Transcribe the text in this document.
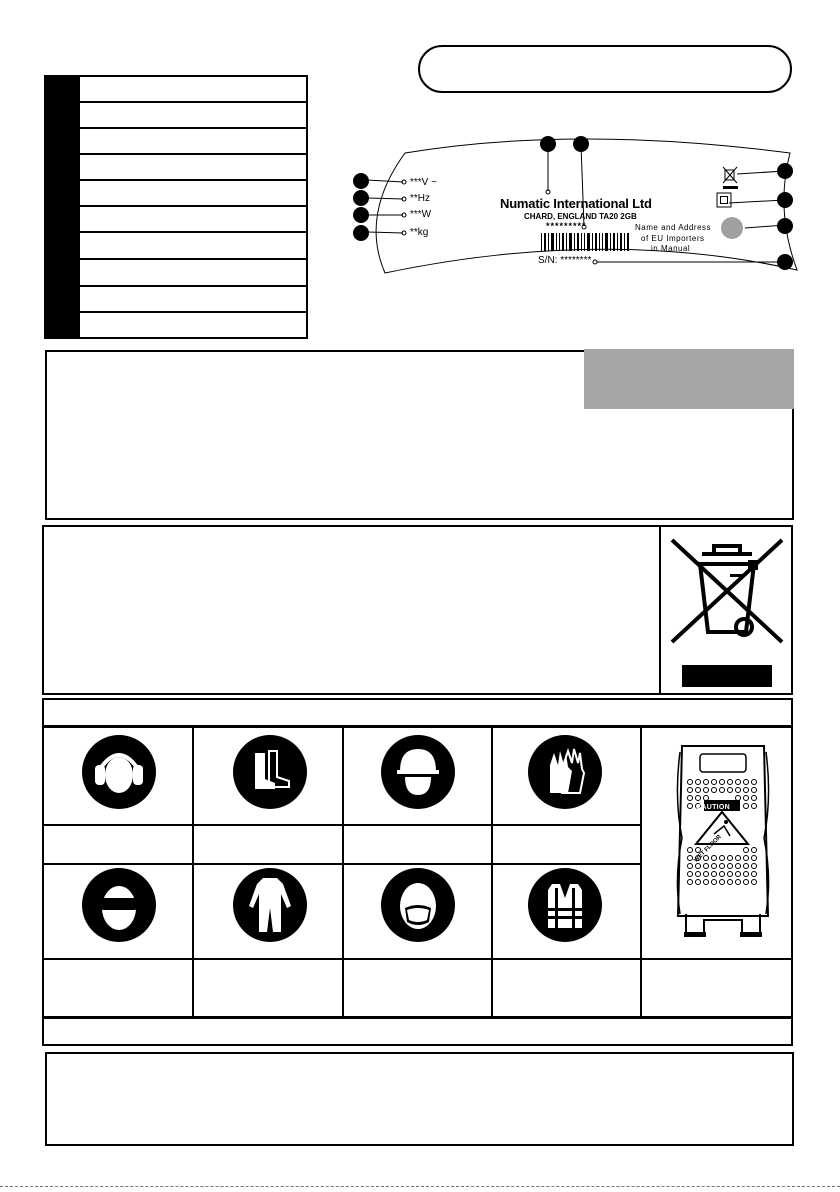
***V ~
**Hz
***W
**kg
Numatic International Ltd
CHARD, ENGLAND TA20 2GB
*********	Name and Address
of EU Importers
in Manual
S/N: ********
CAUTION
WET FLOOR
